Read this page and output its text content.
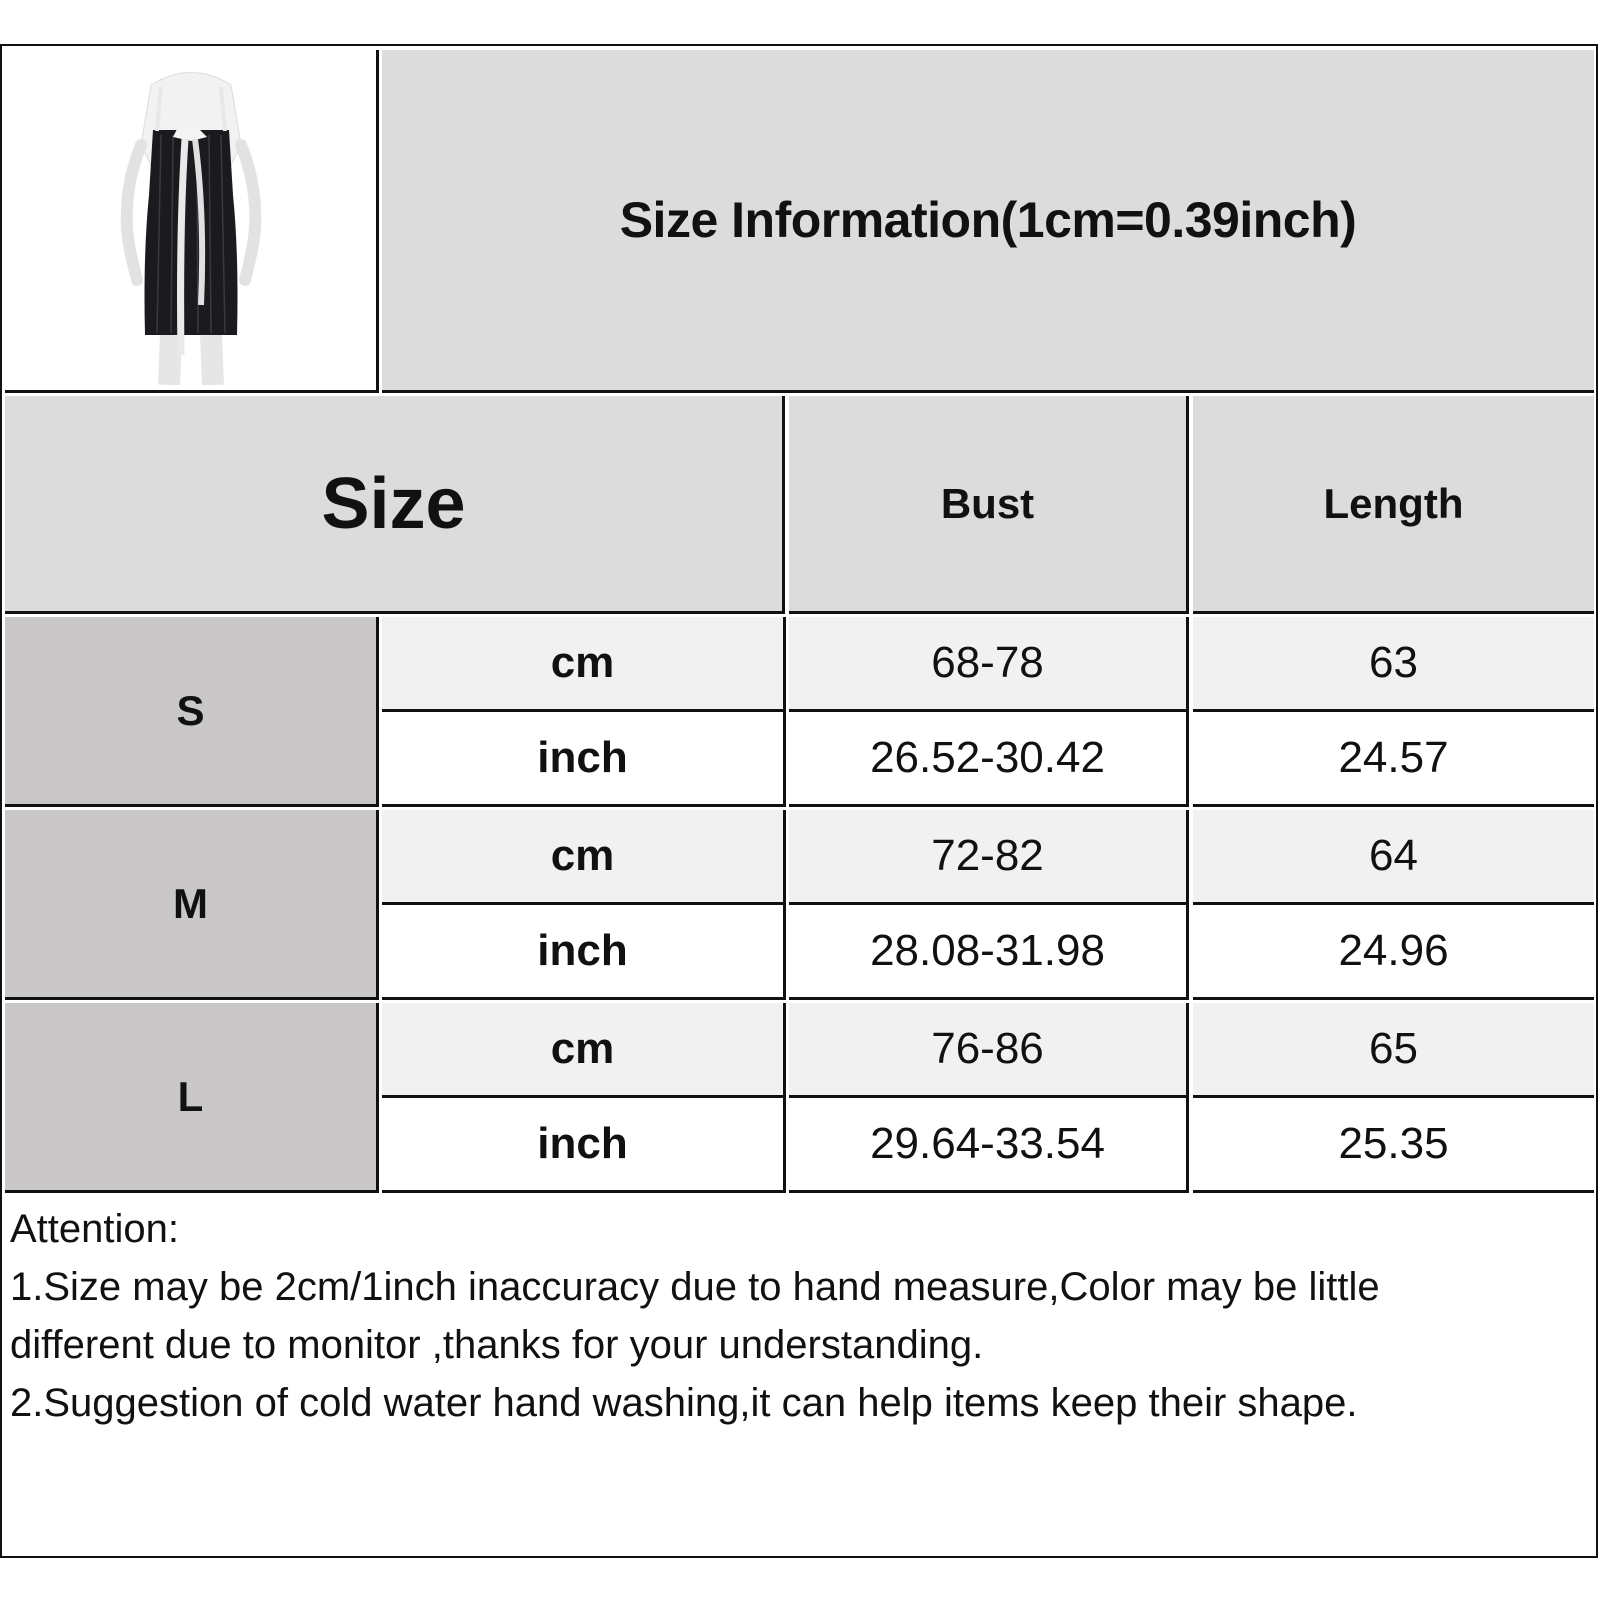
Size Information(1cm=0.39inch)
Size	Bust	Length
S
cm	68-78	63
inch	26.52-30.42	24.57
M
cm	72-82	64
inch	28.08-31.98	24.96
L
cm	76-86	65
inch	29.64-33.54	25.35
Attention:
1.Size may be 2cm/1inch inaccuracy due to hand measure,Color may be little
different due to monitor ,thanks for your understanding.
2.Suggestion of cold water hand washing,it can help items keep their shape.
